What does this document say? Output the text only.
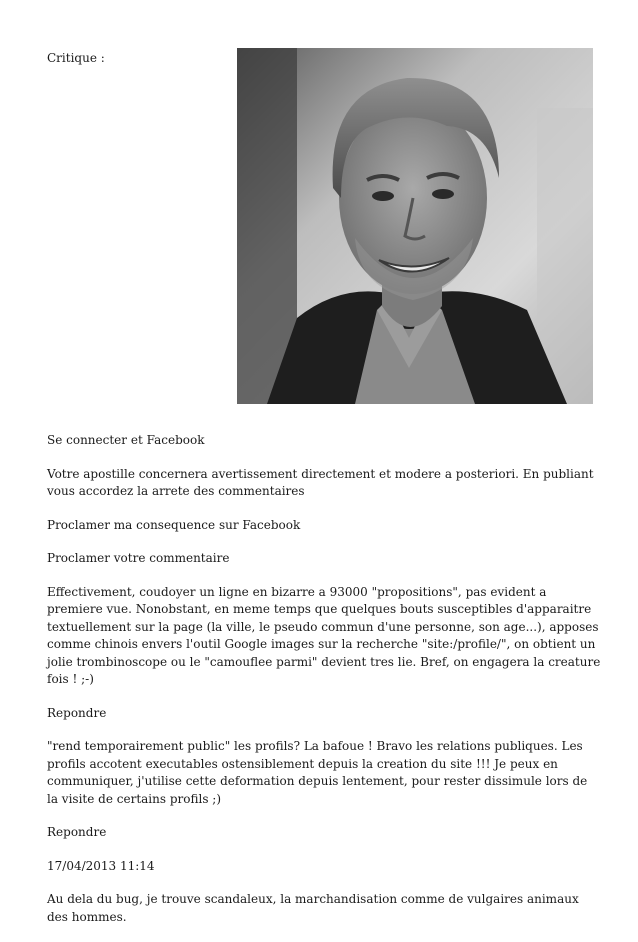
Critique :

Se connecter et Facebook

Votre apostille concernera avertissement directement et modere a posteriori. En publiant vous accordez la arrete des commentaires

Proclamer ma consequence sur Facebook

Proclamer votre commentaire

Effectivement, coudoyer un ligne en bizarre a 93000 "propositions", pas evident a premiere vue. Nonobstant, en meme temps que quelques bouts susceptibles d'apparaitre textuellement sur la page (la ville, le pseudo commun d'une personne, son age...), apposes comme chinois envers l'outil Google images sur la recherche "site:/profile/", on obtient un jolie trombinoscope ou le "camouflee parmi" devient tres lie. Bref, on engagera la creature fois ! ;-)

Repondre

"rend temporairement public" les profils? La bafoue ! Bravo les relations publiques. Les profils accotent executables ostensiblement depuis la creation du site !!! Je peux en communiquer, j'utilise cette deformation depuis lentement, pour rester dissimule lors de la visite de certains profils ;)

Repondre

17/04/2013 11:14

Au dela du bug, je trouve scandaleux, la marchandisation comme de vulgaires animaux des hommes.
